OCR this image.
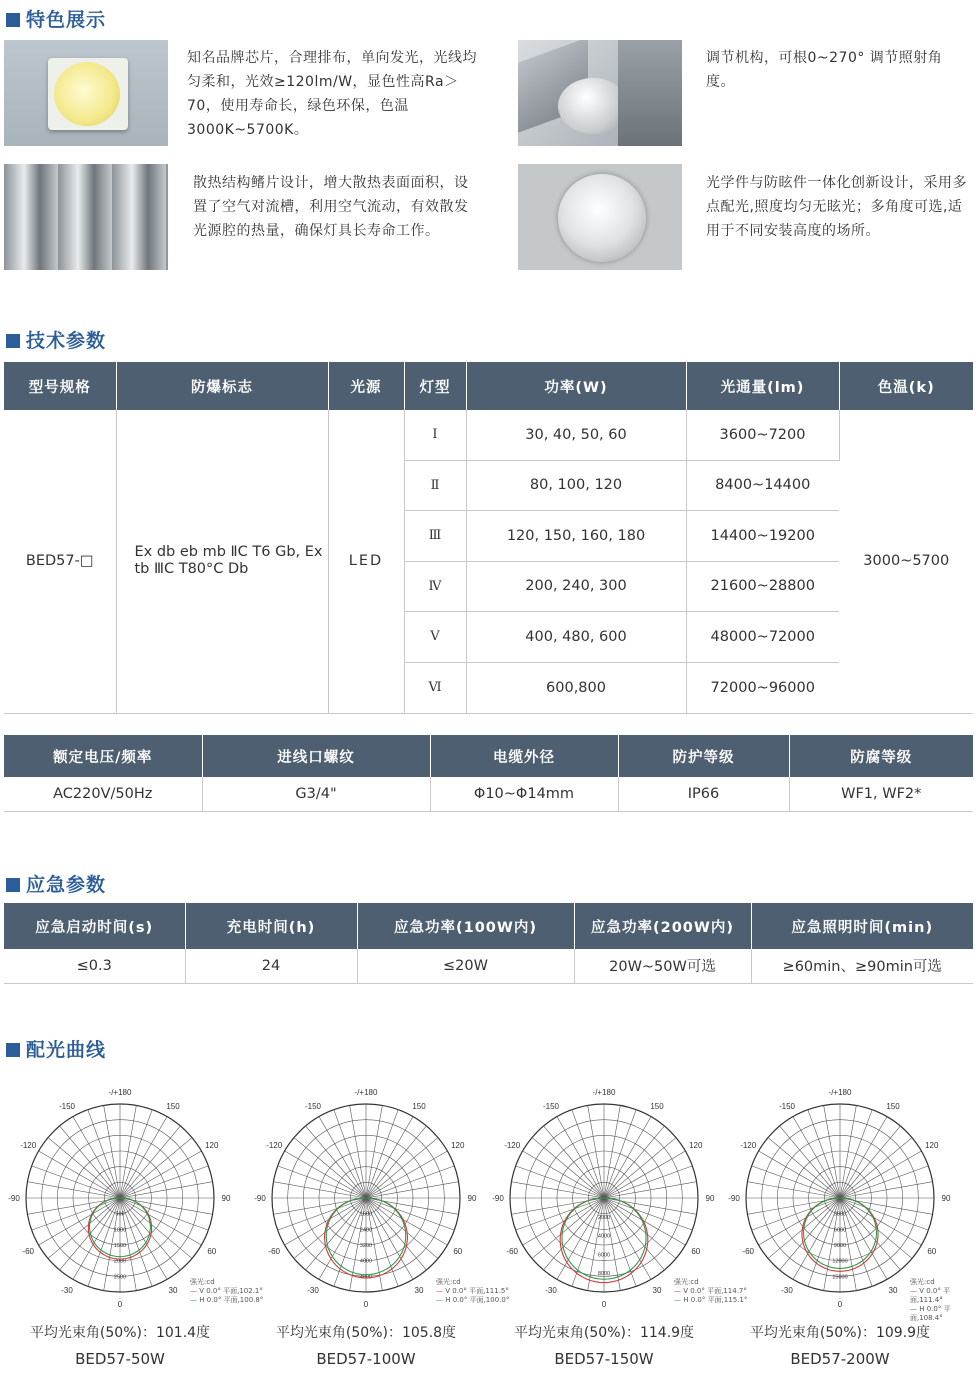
特色展示
知名品牌芯片，合理排布，单向发光，光线均匀柔和，光效≥120lm/W，显色性高Ra＞70，使用寿命长，绿色环保，色温3000K~5700K。
调节机构，可根0~270° 调节照射角度。
散热结构鳍片设计，增大散热表面面积，设置了空气对流槽，利用空气流动，有效散发光源腔的热量，确保灯具长寿命工作。
光学件与防眩件一体化创新设计，采用多点配光,照度均匀无眩光；多角度可选,适用于不同安装高度的场所。
技术参数
型号规格	防爆标志	光源	灯型	功率(W)	光通量(lm)	色温(k)
BED57-□	Ex db eb mb ⅡC T6 Gb, Ex tb ⅢC T80°C Db	LED	Ⅰ	30, 40, 50, 60	3600~7200	3000~5700
			Ⅱ	80, 100, 120	8400~14400	
			Ⅲ	120, 150, 160, 180	14400~19200	
			Ⅳ	200, 240, 300	21600~28800	
			Ⅴ	400, 480, 600	48000~72000	
			Ⅵ	600,800	72000~96000	
额定电压/频率	进线口螺纹	电缆外径	防护等级	防腐等级
AC220V/50Hz	G3/4"	Φ10~Φ14mm	IP66	WF1, WF2*
应急参数
应急启动时间(s)	充电时间(h)	应急功率(100W内)	应急功率(200W内)	应急照明时间(min)
≤0.3	24	≤20W	20W~50W可选	≥60min、≥90min可选
配光曲线
-/+180
-150	150
-120	120
-90	90
-60	60
-30	30
0
500
1000
1500
2000
2500
强光:cd
— V 0.0° 平面,102.1°
— H 0.0° 平面,100.8°
平均光束角(50%)：101.4度
BED57-50W
-/+180
-150	150
-120	120
-90	90
-60	60
-30	30
0
1600
2400
3200
4000
4800
强光:cd
— V 0.0° 平面,111.5°
— H 0.0° 平面,100.0°
平均光束角(50%)：105.8度
BED57-100W
-/+180
-150	150
-120	120
-90	90
-60	60
-30	30
0
2000
4000
6000
8000
强光:cd
— V 0.0° 平面,114.7°
— H 0.0° 平面,115.1°
平均光束角(50%)：114.9度
BED57-150W
-/+180
-150	150
-120	120
-90	90
-60	60
-30	30
0
3000
6000
9000
12000
15000
强光:cd
— V 0.0° 平面,111.4°
— H 0.0° 平面,108.4°
平均光束角(50%)：109.9度
BED57-200W
